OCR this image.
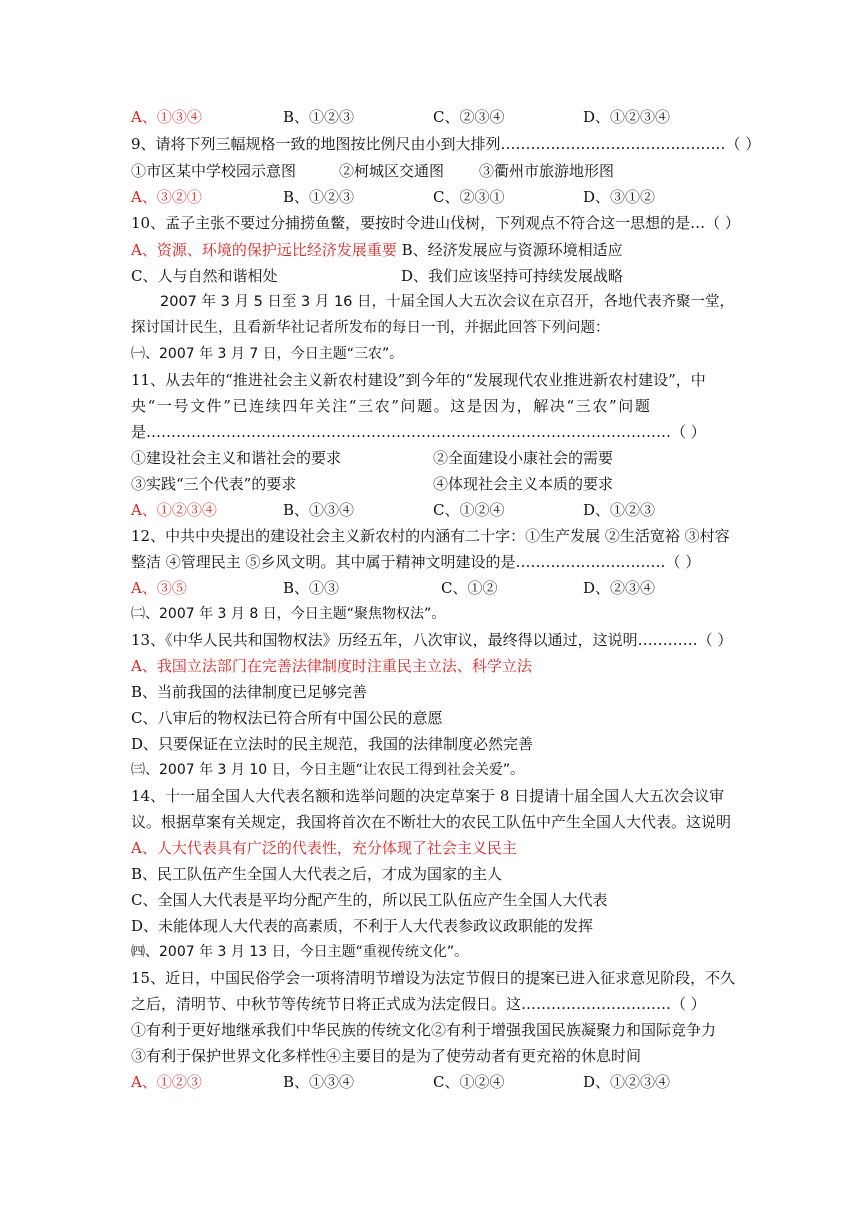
A、①③④	B、①②③	C、②③④	D、①②③④
9、请将下列三幅规格一致的地图按比例尺由小到大排列………………………………………（ ）
①市区某中学校园示意图	②柯城区交通图 ③衢州市旅游地形图
A、③②①	B、①②③	C、②③①	D、③①②
10、孟子主张不要过分捕捞鱼鳖，要按时令进山伐树，下列观点不符合这一思想的是…（ ）
A、资源、环境的保护远比经济发展重要 B、经济发展应与资源环境相适应
C、人与自然和谐相处	D、我们应该坚持可持续发展战略
2007 年 3 月 5 日至 3 月 16 日，十届全国人大五次会议在京召开，各地代表齐聚一堂，
探讨国计民生，且看新华社记者所发布的每日一刊，并据此回答下列问题：
㈠、2007 年 3 月 7 日，今日主题“三农”。
11、从去年的“推进社会主义新农村建设”到今年的“发展现代农业推进新农村建设”，中
央“一号文件”已连续四年关注“三农”问题。这是因为，解决“三农”问题
是……………………………………………………………………………………………（ ）
①建设社会主义和谐社会的要求	②全面建设小康社会的需要
③实践“三个代表”的要求	④体现社会主义本质的要求
A、①②③④	B、①③④	C、①②④	D、①②③
12、中共中央提出的建设社会主义新农村的内涵有二十字：①生产发展 ②生活宽裕 ③村容
整洁 ④管理民主 ⑤乡风文明。其中属于精神文明建设的是…………………………（ ）
A、③⑤	B、①③	C、①②	D、②③④
㈡、2007 年 3 月 8 日，今日主题“聚焦物权法”。
13、《中华人民共和国物权法》历经五年，八次审议，最终得以通过，这说明…………（ ）
A、我国立法部门在完善法律制度时注重民主立法、科学立法
B、当前我国的法律制度已足够完善
C、八审后的物权法已符合所有中国公民的意愿
D、只要保证在立法时的民主规范，我国的法律制度必然完善
㈢、2007 年 3 月 10 日，今日主题“让农民工得到社会关爱”。
14、十一届全国人大代表名额和选举问题的决定草案于 8 日提请十届全国人大五次会议审
议。根据草案有关规定，我国将首次在不断壮大的农民工队伍中产生全国人大代表。这说明
A、人大代表具有广泛的代表性，充分体现了社会主义民主
B、民工队伍产生全国人大代表之后，才成为国家的主人
C、全国人大代表是平均分配产生的，所以民工队伍应产生全国人大代表
D、未能体现人大代表的高素质，不利于人大代表参政议政职能的发挥
㈣、2007 年 3 月 13 日，今日主题“重视传统文化”。
15、近日，中国民俗学会一项将清明节增设为法定节假日的提案已进入征求意见阶段，不久
之后，清明节、中秋节等传统节日将正式成为法定假日。这…………………………（ ）
①有利于更好地继承我们中华民族的传统文化②有利于增强我国民族凝聚力和国际竞争力
③有利于保护世界文化多样性④主要目的是为了使劳动者有更充裕的休息时间
A、①②③	B、①③④	C、①②④	D、①②③④
